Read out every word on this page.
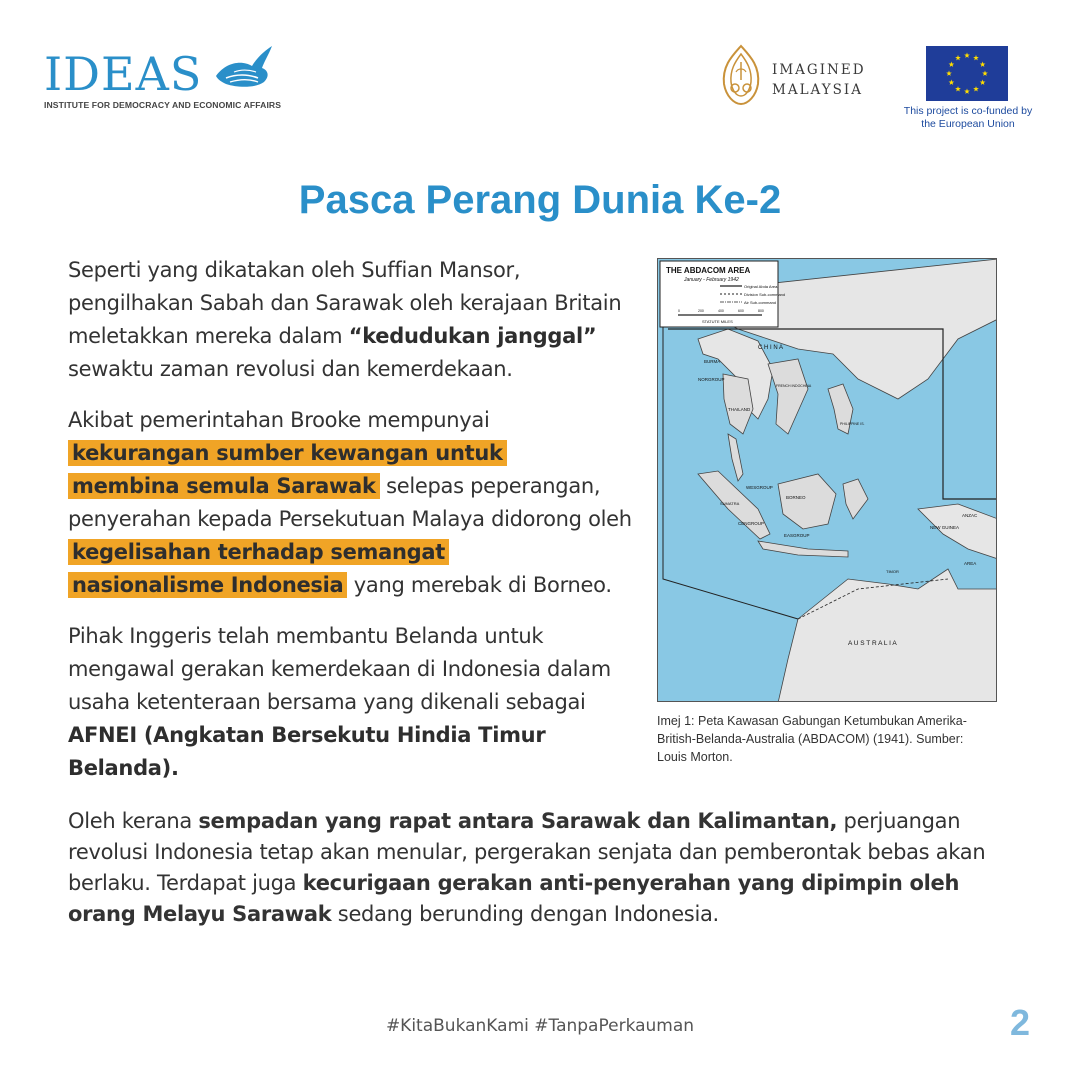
IDEAS
INSTITUTE FOR DEMOCRACY AND ECONOMIC AFFAIRS
IMAGINED
MALAYSIA
This project is co-funded by
the European Union
Pasca Perang Dunia Ke-2

Seperti yang dikatakan oleh Suffian Mansor, pengilhakan Sabah dan Sarawak oleh kerajaan Britain meletakkan mereka dalam “kedudukan janggal” sewaktu zaman revolusi dan kemerdekaan.

Akibat pemerintahan Brooke mempunyai
kekurangan sumber kewangan untuk
membina semula Sarawak selepas peperangan, penyerahan kepada Persekutuan Malaya didorong oleh kegelisahan terhadap semangat
nasionalisme Indonesia yang merebak di Borneo.

Pihak Inggeris telah membantu Belanda untuk mengawal gerakan kemerdekaan di Indonesia dalam usaha ketenteraan bersama yang dikenali sebagai AFNEI (Angkatan Bersekutu Hindia Timur Belanda).

THE ABDACOM AREA
January - February 1942
Original Abda Area
Division Sub-command
Air Sub-command
0	200	400	600	800
STATUTE MILES
C H I N A
BURMA
NORGROUP
THAILAND
FRENCH INDOCHINA
PHILIPPINE IS.
WESGROUP
BORNEO
SUMATRA
CENGROUP
EASGROUP
ANZAC
NEW GUINEA
AREA
TIMOR
A U S T R A L I A
Imej 1: Peta Kawasan Gabungan Ketumbukan Amerika-British-Belanda-Australia (ABDACOM) (1941). Sumber: Louis Morton.

Oleh kerana sempadan yang rapat antara Sarawak dan Kalimantan, perjuangan revolusi Indonesia tetap akan menular, pergerakan senjata dan pemberontak bebas akan berlaku. Terdapat juga kecurigaan gerakan anti-penyerahan yang dipimpin oleh orang Melayu Sarawak sedang berunding dengan Indonesia.

#KitaBukanKami #TanpaPerkauman	2
